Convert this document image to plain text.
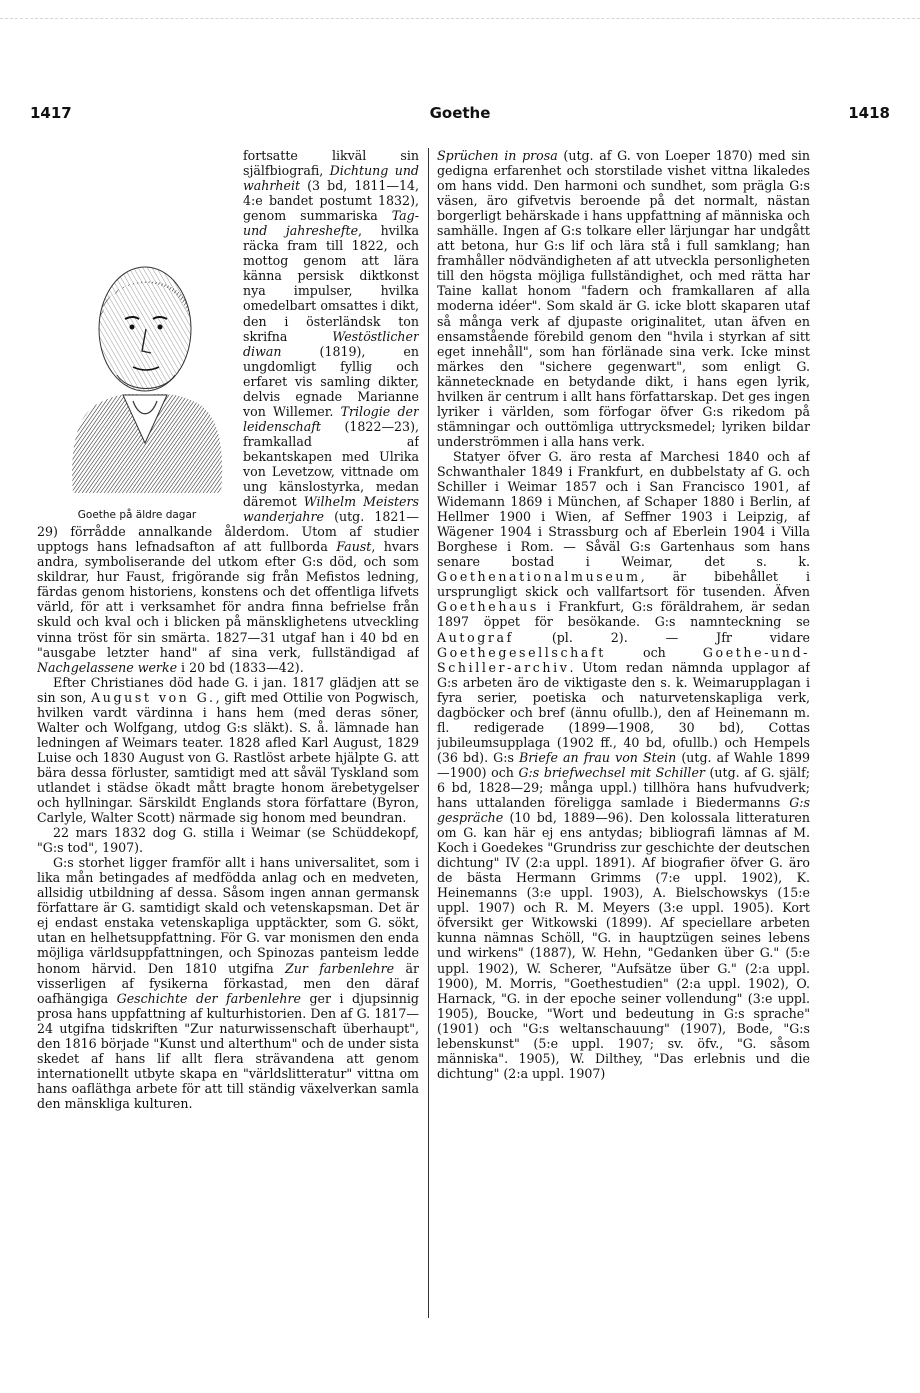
1417	Goethe	1418
Goethe på äldre dagar

fortsatte likväl sin själfbiografi, Dichtung und wahrheit (3 bd, 1811—14, 4:e bandet postumt 1832), genom summariska Tag- und jahreshefte, hvilka räcka fram till 1822, och mottog genom att lära känna persisk diktkonst nya impulser, hvilka omedelbart omsattes i dikt, den i österländsk ton skrifna Westöstlicher diwan (1819), en ungdomligt fyllig och erfaret vis samling dikter, delvis egnade Marianne von Willemer. Trilogie der leidenschaft (1822—23), framkallad af bekantskapen med Ulrika von Levetzow, vittnade om ung känslostyrka, medan däremot Wilhelm Meisters wanderjahre (utg. 1821—29) förrådde annalkande ålderdom. Utom af studier upptogs hans lefnadsafton af att fullborda Faust, hvars andra, symboliserande del utkom efter G:s död, och som skildrar, hur Faust, frigörande sig från Mefistos ledning, färdas genom historiens, konstens och det offentliga lifvets värld, för att i verksamhet för andra finna befrielse från skuld och kval och i blicken på mänsklighetens utveckling vinna tröst för sin smärta. 1827—31 utgaf han i 40 bd en "ausgabe letzter hand" af sina verk, fullständigad af Nachgelassene werke i 20 bd (1833—42).

Efter Christianes död hade G. i jan. 1817 glädjen att se sin son, August von G., gift med Ottilie von Pogwisch, hvilken vardt värdinna i hans hem (med deras söner, Walter och Wolfgang, utdog G:s släkt). S. å. lämnade han ledningen af Weimars teater. 1828 afled Karl August, 1829 Luise och 1830 August von G. Rastlöst arbete hjälpte G. att bära dessa förluster, samtidigt med att såväl Tyskland som utlandet i städse ökadt mått bragte honom ärebetygelser och hyllningar. Särskildt Englands stora författare (Byron, Carlyle, Walter Scott) närmade sig honom med beundran.

22 mars 1832 dog G. stilla i Weimar (se Schüddekopf, "G:s tod", 1907).

G:s storhet ligger framför allt i hans universalitet, som i lika mån betingades af medfödda anlag och en medveten, allsidig utbildning af dessa. Såsom ingen annan germansk författare är G. samtidigt skald och vetenskapsman. Det är ej endast enstaka vetenskapliga upptäckter, som G. sökt, utan en helhetsuppfattning. För G. var monismen den enda möjliga världsuppfattningen, och Spinozas panteism ledde honom härvid. Den 1810 utgifna Zur farbenlehre är visserligen af fysikerna förkastad, men den däraf oafhängiga Geschichte der farbenlehre ger i djupsinnig prosa hans uppfattning af kulturhistorien. Den af G. 1817—24 utgifna tidskriften "Zur naturwissenschaft überhaupt", den 1816 började "Kunst und alterthum" och de under sista skedet af hans lif allt flera strävandena att genom internationellt utbyte skapa en "världslitteratur" vittna om hans oafläthga arbete för att till ständig växelverkan samla den mänskliga kulturen.

Sprüchen in prosa (utg. af G. von Loeper 1870) med sin gedigna erfarenhet och storstilade vishet vittna likaledes om hans vidd. Den harmoni och sundhet, som prägla G:s väsen, äro gifvetvis beroende på det normalt, nästan borgerligt behärskade i hans uppfattning af människa och samhälle. Ingen af G:s tolkare eller lärjungar har undgått att betona, hur G:s lif och lära stå i full samklang; han framhåller nödvändigheten af att utveckla personligheten till den högsta möjliga fullständighet, och med rätta har Taine kallat honom "fadern och framkallaren af alla moderna idéer". Som skald är G. icke blott skaparen utaf så många verk af djupaste originalitet, utan äfven en ensamstående förebild genom den "hvila i styrkan af sitt eget innehåll", som han förlänade sina verk. Icke minst märkes den "sichere gegenwart", som enligt G. kännetecknade en betydande dikt, i hans egen lyrik, hvilken är centrum i allt hans författarskap. Det ges ingen lyriker i världen, som förfogar öfver G:s rikedom på stämningar och outtömliga uttrycksmedel; lyriken bildar underströmmen i alla hans verk.

Statyer öfver G. äro resta af Marchesi 1840 och af Schwanthaler 1849 i Frankfurt, en dubbelstaty af G. och Schiller i Weimar 1857 och i San Francisco 1901, af Widemann 1869 i München, af Schaper 1880 i Berlin, af Hellmer 1900 i Wien, af Seffner 1903 i Leipzig, af Wägener 1904 i Strassburg och af Eberlein 1904 i Villa Borghese i Rom. — Såväl G:s Gartenhaus som hans senare bostad i Weimar, det s. k. Goethenationalmuseum, är bibehållet i ursprungligt skick och vallfartsort för tusenden. Äfven Goethehaus i Frankfurt, G:s föräldrahem, är sedan 1897 öppet för besökande. G:s namnteckning se Autograf (pl. 2). — Jfr vidare Goethegesellschaft och Goethe-und-Schiller-archiv. Utom redan nämnda upplagor af G:s arbeten äro de viktigaste den s. k. Weimarupplagan i fyra serier, poetiska och naturvetenskapliga verk, dagböcker och bref (ännu ofullb.), den af Heinemann m. fl. redigerade (1899—1908, 30 bd), Cottas jubileumsupplaga (1902 ff., 40 bd, ofullb.) och Hempels (36 bd). G:s Briefe an frau von Stein (utg. af Wahle 1899—1900) och G:s briefwechsel mit Schiller (utg. af G. själf; 6 bd, 1828—29; många uppl.) tillhöra hans hufvudverk; hans uttalanden föreligga samlade i Biedermanns G:s gespräche (10 bd, 1889—96). Den kolossala litteraturen om G. kan här ej ens antydas; bibliografi lämnas af M. Koch i Goedekes "Grundriss zur geschichte der deutschen dichtung" IV (2:a uppl. 1891). Af biografier öfver G. äro de bästa Hermann Grimms (7:e uppl. 1902), K. Heinemanns (3:e uppl. 1903), A. Bielschowskys (15:e uppl. 1907) och R. M. Meyers (3:e uppl. 1905). Kort öfversikt ger Witkowski (1899). Af speciellare arbeten kunna nämnas Schöll, "G. in hauptzügen seines lebens und wirkens" (1887), W. Hehn, "Gedanken über G." (5:e uppl. 1902), W. Scherer, "Aufsätze über G." (2:a uppl. 1900), M. Morris, "Goethestudien" (2:a uppl. 1902), O. Harnack, "G. in der epoche seiner vollendung" (3:e uppl. 1905), Boucke, "Wort und bedeutung in G:s sprache" (1901) och "G:s weltanschauung" (1907), Bode, "G:s lebenskunst" (5:e uppl. 1907; sv. öfv., "G. såsom människa". 1905), W. Dilthey, "Das erlebnis und die dichtung" (2:a uppl. 1907)
